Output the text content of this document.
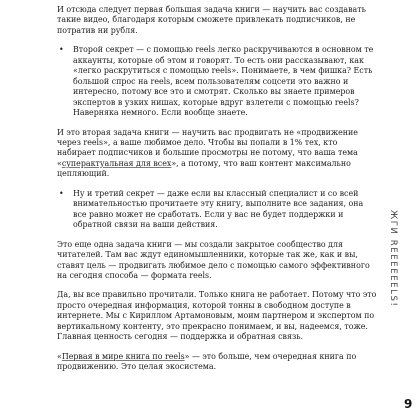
И отсюда следует первая большая задача книги — научить вас создавать такие видео, благодаря которым сможете привлекать подписчиков, не потратив ни рубля.

• Второй секрет — с помощью reels легко раскручиваются в основном те аккаунты, которые об этом и говорят. То есть они рассказывают, как «легко раскрутиться с помощью reels». Понимаете, в чем фишка? Есть большой спрос на reels, всем пользователям соцсети это важно и интересно, потому все это и смотрят. Сколько вы знаете примеров экспертов в узких нишах, которые вдруг взлетели с помощью reels? Наверняка немного. Если вообще знаете.

И это вторая задача книги — научить вас продвигать не «продвижение через reels», а ваше любимое дело. Чтобы вы попали в 1% тех, кто набирает подписчиков и большие просмотры не потому, что ваша тема «суперактуальная для всех», а потому, что ваш контент максимально цепляющий.

• Ну и третий секрет — даже если вы классный специалист и со всей внимательностью прочитаете эту книгу, выполните все задания, она все равно может не сработать. Если у вас не будет поддержки и обратной связи на ваши действия.

Это еще одна задача книги — мы создали закрытое сообщество для читателей. Там вас ждут единомышленники, которые так же, как и вы, ставят цель — продвигать любимое дело с помощью самого эффективного на сегодня способа — формата reels.

Да, вы все правильно прочитали. Только книга не работает. Потому что это просто очередная информация, которой тонны в свободном доступе в интернете. Мы с Кириллом Артамоновым, моим партнером и экспертом по вертикальному контенту, это прекрасно понимаем, и вы, надеемся, тоже. Главная ценность сегодня — поддержка и обратная связь.

«Первая в мире книга по reels» — это больше, чем очередная книга по продвижению. Это целая экосистема.

ЖГИ REEEEEELS!
9
